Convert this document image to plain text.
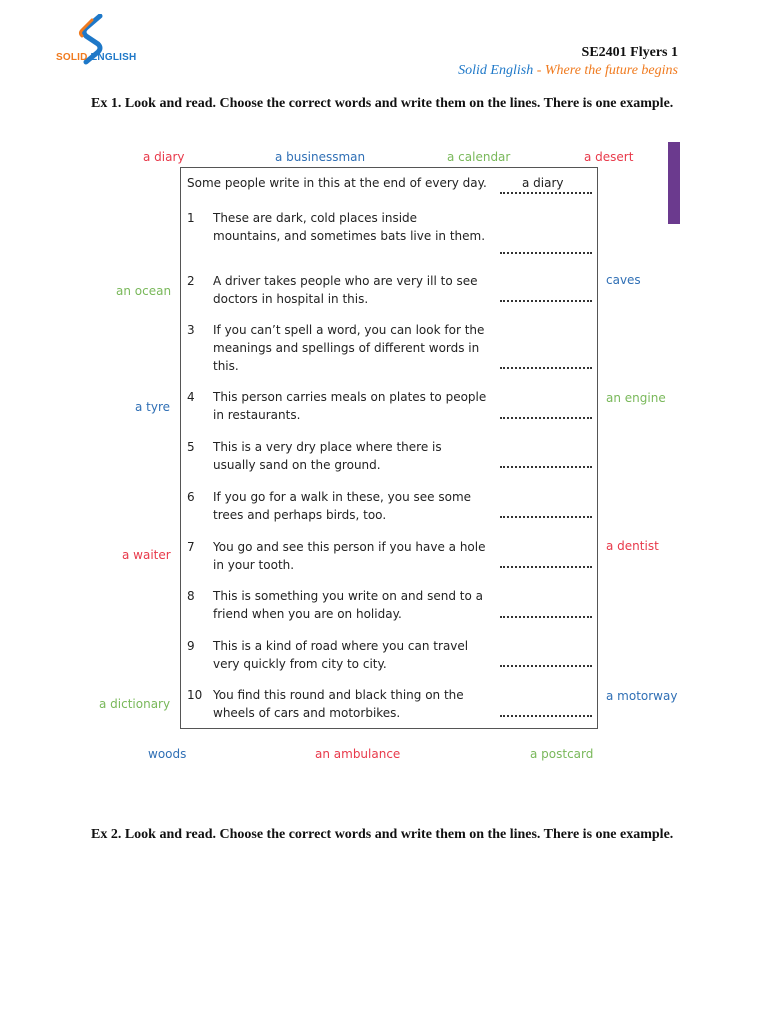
SOLID ENGLISH	SE2401 Flyers 1
Solid English - Where the future begins
Ex 1. Look and read. Choose the correct words and write them on the lines. There is one example.
a diary	a businessman	a calendar	a desert
an ocean
caves
a tyre
an engine
a waiter
a dentist
a dictionary
a motorway
woods	an ambulance	a postcard
Some people write in this at the end of every day.	a diary
1	These are dark, cold places inside mountains, and sometimes bats live in them.
2	A driver takes people who are very ill to see doctors in hospital in this.
3	If you can’t spell a word, you can look for the meanings and spellings of different words in this.
4	This person carries meals on plates to people in restaurants.
5	This is a very dry place where there is usually sand on the ground.
6	If you go for a walk in these, you see some trees and perhaps birds, too.
7	You go and see this person if you have a hole in your tooth.
8	This is something you write on and send to a friend when you are on holiday.
9	This is a kind of road where you can travel very quickly from city to city.
10 You find this round and black thing on the wheels of cars and motorbikes.
Ex 2. Look and read. Choose the correct words and write them on the lines. There is one example.
